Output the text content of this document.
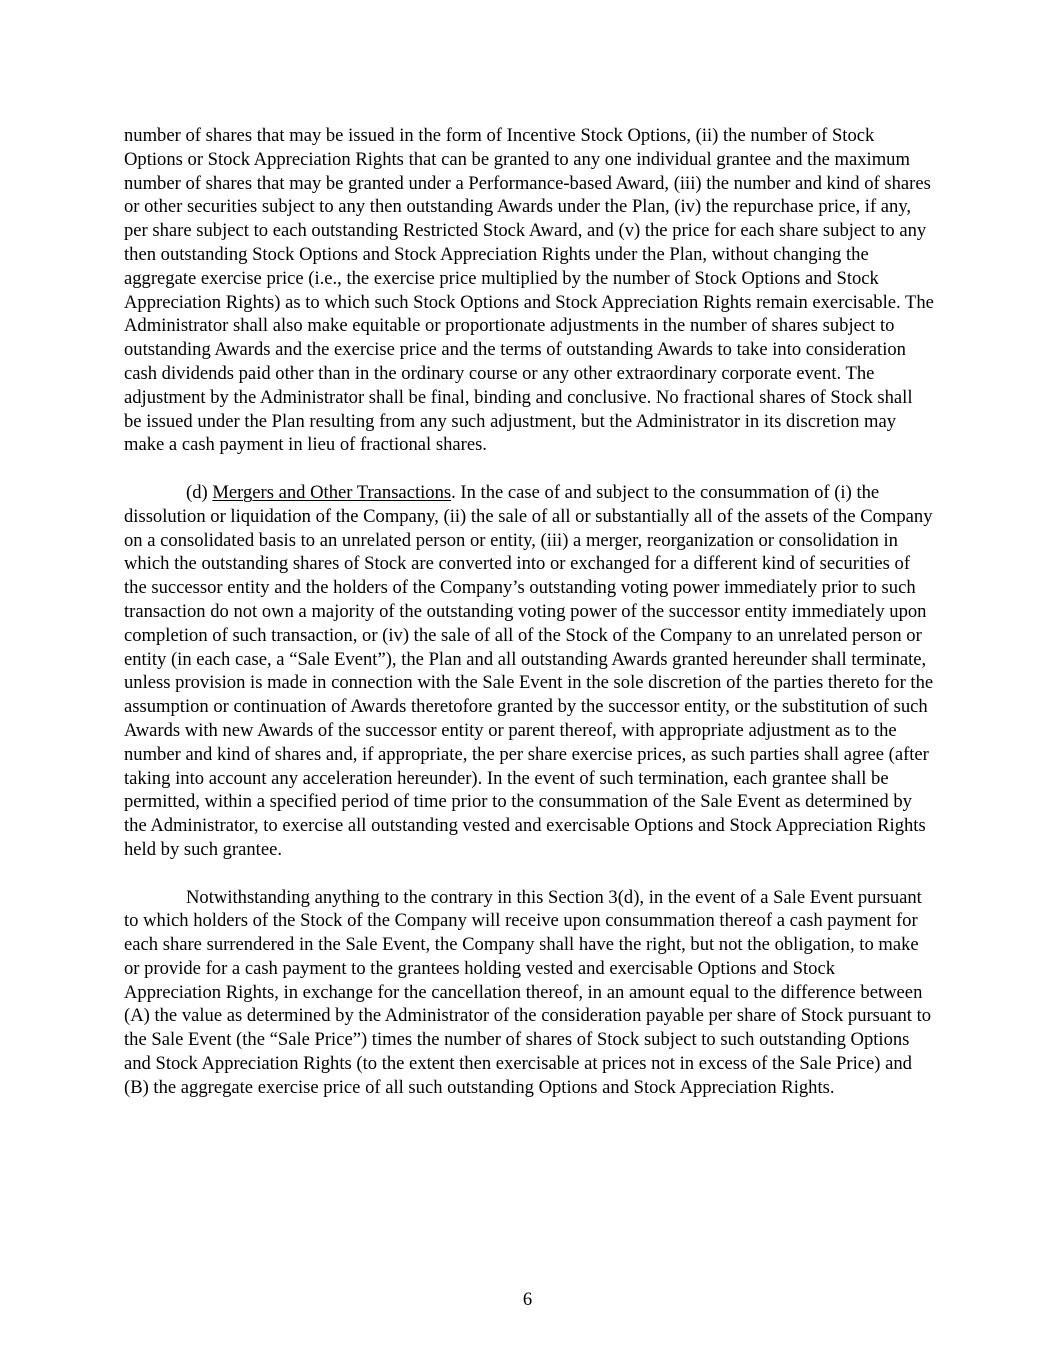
number of shares that may be issued in the form of Incentive Stock Options, (ii) the number of Stock Options or Stock Appreciation Rights that can be granted to any one individual grantee and the maximum number of shares that may be granted under a Performance-based Award, (iii) the number and kind of shares or other securities subject to any then outstanding Awards under the Plan, (iv) the repurchase price, if any, per share subject to each outstanding Restricted Stock Award, and (v) the price for each share subject to any then outstanding Stock Options and Stock Appreciation Rights under the Plan, without changing the aggregate exercise price (i.e., the exercise price multiplied by the number of Stock Options and Stock Appreciation Rights) as to which such Stock Options and Stock Appreciation Rights remain exercisable. The Administrator shall also make equitable or proportionate adjustments in the number of shares subject to outstanding Awards and the exercise price and the terms of outstanding Awards to take into consideration cash dividends paid other than in the ordinary course or any other extraordinary corporate event. The adjustment by the Administrator shall be final, binding and conclusive. No fractional shares of Stock shall be issued under the Plan resulting from any such adjustment, but the Administrator in its discretion may make a cash payment in lieu of fractional shares.

(d) Mergers and Other Transactions. In the case of and subject to the consummation of (i) the dissolution or liquidation of the Company, (ii) the sale of all or substantially all of the assets of the Company on a consolidated basis to an unrelated person or entity, (iii) a merger, reorganization or consolidation in which the outstanding shares of Stock are converted into or exchanged for a different kind of securities of the successor entity and the holders of the Company’s outstanding voting power immediately prior to such transaction do not own a majority of the outstanding voting power of the successor entity immediately upon completion of such transaction, or (iv) the sale of all of the Stock of the Company to an unrelated person or entity (in each case, a “Sale Event”), the Plan and all outstanding Awards granted hereunder shall terminate, unless provision is made in connection with the Sale Event in the sole discretion of the parties thereto for the assumption or continuation of Awards theretofore granted by the successor entity, or the substitution of such Awards with new Awards of the successor entity or parent thereof, with appropriate adjustment as to the number and kind of shares and, if appropriate, the per share exercise prices, as such parties shall agree (after taking into account any acceleration hereunder). In the event of such termination, each grantee shall be permitted, within a specified period of time prior to the consummation of the Sale Event as determined by the Administrator, to exercise all outstanding vested and exercisable Options and Stock Appreciation Rights held by such grantee.

Notwithstanding anything to the contrary in this Section 3(d), in the event of a Sale Event pursuant to which holders of the Stock of the Company will receive upon consummation thereof a cash payment for each share surrendered in the Sale Event, the Company shall have the right, but not the obligation, to make or provide for a cash payment to the grantees holding vested and exercisable Options and Stock Appreciation Rights, in exchange for the cancellation thereof, in an amount equal to the difference between (A) the value as determined by the Administrator of the consideration payable per share of Stock pursuant to the Sale Event (the “Sale Price”) times the number of shares of Stock subject to such outstanding Options and Stock Appreciation Rights (to the extent then exercisable at prices not in excess of the Sale Price) and (B) the aggregate exercise price of all such outstanding Options and Stock Appreciation Rights.

6
